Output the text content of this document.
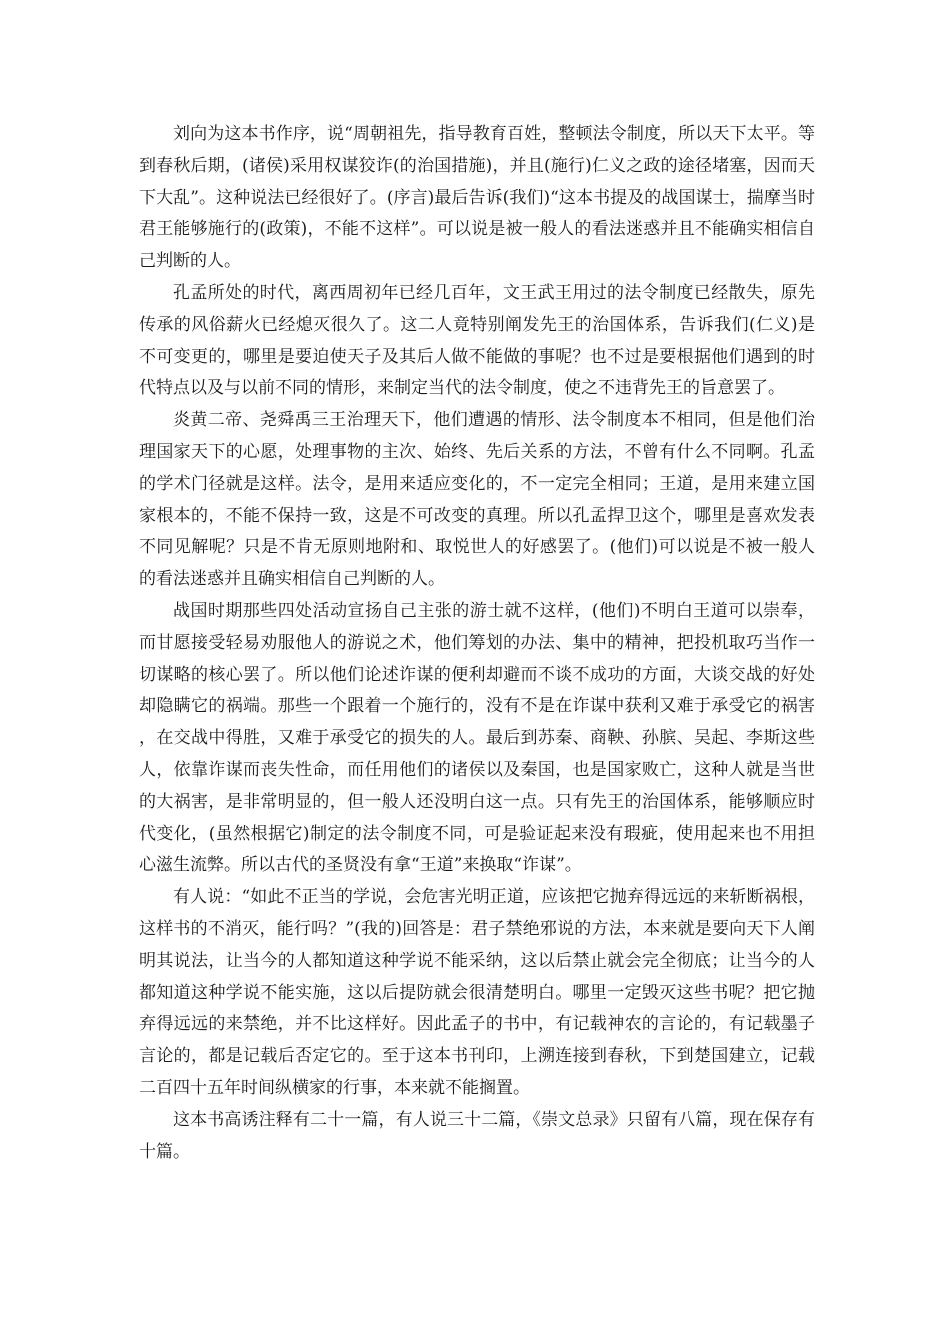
刘向为这本书作序，说“周朝祖先，指导教育百姓，整顿法令制度，所以天下太平。等到春秋后期，(诸侯)采用权谋狡诈(的治国措施)，并且(施行)仁义之政的途径堵塞，因而天下大乱”。这种说法已经很好了。(序言)最后告诉(我们)“这本书提及的战国谋士，揣摩当时君王能够施行的(政策)，不能不这样”。可以说是被一般人的看法迷惑并且不能确实相信自己判断的人。

孔孟所处的时代，离西周初年已经几百年，文王武王用过的法令制度已经散失，原先传承的风俗薪火已经熄灭很久了。这二人竟特别阐发先王的治国体系，告诉我们(仁义)是不可变更的，哪里是要迫使天子及其后人做不能做的事呢？也不过是要根据他们遇到的时代特点以及与以前不同的情形，来制定当代的法令制度，使之不违背先王的旨意罢了。

炎黄二帝、尧舜禹三王治理天下，他们遭遇的情形、法令制度本不相同，但是他们治理国家天下的心愿，处理事物的主次、始终、先后关系的方法，不曾有什么不同啊。孔孟的学术门径就是这样。法令，是用来适应变化的，不一定完全相同；王道，是用来建立国家根本的，不能不保持一致，这是不可改变的真理。所以孔孟捍卫这个，哪里是喜欢发表不同见解呢？只是不肯无原则地附和、取悦世人的好感罢了。(他们)可以说是不被一般人的看法迷惑并且确实相信自己判断的人。

战国时期那些四处活动宣扬自己主张的游士就不这样，(他们)不明白王道可以崇奉，而甘愿接受轻易劝服他人的游说之术，他们筹划的办法、集中的精神，把投机取巧当作一切谋略的核心罢了。所以他们论述诈谋的便利却避而不谈不成功的方面，大谈交战的好处却隐瞒它的祸端。那些一个跟着一个施行的，没有不是在诈谋中获利又难于承受它的祸害，在交战中得胜，又难于承受它的损失的人。最后到苏秦、商鞅、孙膑、吴起、李斯这些人，依靠诈谋而丧失性命，而任用他们的诸侯以及秦国，也是国家败亡，这种人就是当世的大祸害，是非常明显的，但一般人还没明白这一点。只有先王的治国体系，能够顺应时代变化，(虽然根据它)制定的法令制度不同，可是验证起来没有瑕疵，使用起来也不用担心滋生流弊。所以古代的圣贤没有拿“王道”来换取“诈谋”。

有人说：“如此不正当的学说，会危害光明正道，应该把它抛弃得远远的来斩断祸根，这样书的不消灭，能行吗？”(我的)回答是：君子禁绝邪说的方法，本来就是要向天下人阐明其说法，让当今的人都知道这种学说不能采纳，这以后禁止就会完全彻底；让当今的人都知道这种学说不能实施，这以后提防就会很清楚明白。哪里一定毁灭这些书呢？把它抛弃得远远的来禁绝，并不比这样好。因此孟子的书中，有记载神农的言论的，有记载墨子言论的，都是记载后否定它的。至于这本书刊印，上溯连接到春秋，下到楚国建立，记载二百四十五年时间纵横家的行事，本来就不能搁置。

这本书高诱注释有二十一篇，有人说三十二篇，《崇文总录》只留有八篇，现在保存有十篇。
